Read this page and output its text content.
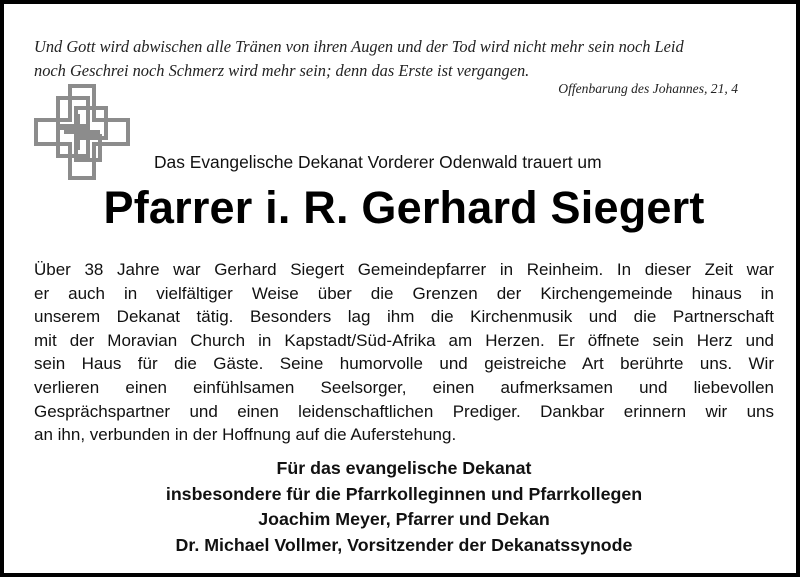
Und Gott wird abwischen alle Tränen von ihren Augen und der Tod wird nicht mehr sein noch Leid
noch Geschrei noch Schmerz wird mehr sein; denn das Erste ist vergangen.
Offenbarung des Johannes, 21, 4
Das Evangelische Dekanat Vorderer Odenwald trauert um
Pfarrer i. R. Gerhard Siegert
Über 38 Jahre war Gerhard Siegert Gemeindepfarrer in Reinheim. In dieser Zeit war
er auch in vielfältiger Weise über die Grenzen der Kirchengemeinde hinaus in
unserem Dekanat tätig. Besonders lag ihm die Kirchenmusik und die Partnerschaft
mit der Moravian Church in Kapstadt/Süd-Afrika am Herzen. Er öffnete sein Herz und
sein Haus für die Gäste. Seine humorvolle und geistreiche Art berührte uns. Wir
verlieren einen einfühlsamen Seelsorger, einen aufmerksamen und liebevollen
Gesprächspartner und einen leidenschaftlichen Prediger. Dankbar erinnern wir uns
an ihn, verbunden in der Hoffnung auf die Auferstehung.
Für das evangelische Dekanat
insbesondere für die Pfarrkolleginnen und Pfarrkollegen
Joachim Meyer, Pfarrer und Dekan
Dr. Michael Vollmer, Vorsitzender der Dekanatssynode
